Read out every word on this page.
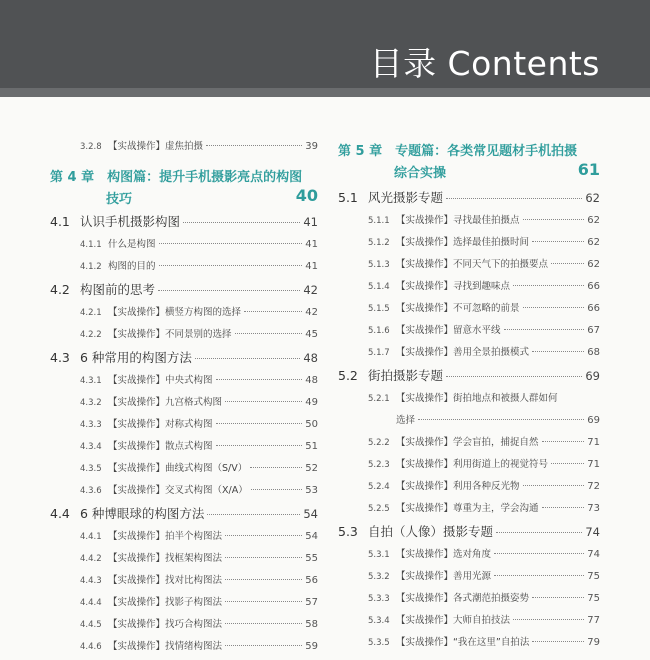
目录 Contents
3.2.8 【实战操作】虚焦拍摄	39
第 4 章　构图篇：提升手机摄影亮点的构图
技巧	40
4.1 认识手机摄影构图	41
4.1.1 什么是构图	41
4.1.2 构图的目的	41
4.2 构图前的思考	42
4.2.1 【实战操作】横竖方构图的选择	42
4.2.2 【实战操作】不同景别的选择	45
4.3 6 种常用的构图方法	48
4.3.1 【实战操作】中央式构图	48
4.3.2 【实战操作】九宫格式构图	49
4.3.3 【实战操作】对称式构图	50
4.3.4 【实战操作】散点式构图	51
4.3.5 【实战操作】曲线式构图（S/V）	52
4.3.6 【实战操作】交叉式构图（X/A）	53
4.4 6 种博眼球的构图方法	54
4.4.1 【实战操作】拍半个构图法	54
4.4.2 【实战操作】找框架构图法	55
4.4.3 【实战操作】找对比构图法	56
4.4.4 【实战操作】找影子构图法	57
4.4.5 【实战操作】找巧合构图法	58
4.4.6 【实战操作】找情绪构图法	59
第 5 章　专题篇：各类常见题材手机拍摄
综合实操	61
5.1 风光摄影专题	62
5.1.1 【实战操作】寻找最佳拍摄点	62
5.1.2 【实战操作】选择最佳拍摄时间	62
5.1.3 【实战操作】不同天气下的拍摄要点	62
5.1.4 【实战操作】寻找到趣味点	66
5.1.5 【实战操作】不可忽略的前景	66
5.1.6 【实战操作】留意水平线	67
5.1.7 【实战操作】善用全景拍摄模式	68
5.2 街拍摄影专题	69
5.2.1 【实战操作】街拍地点和被摄人群如何
选择	69
5.2.2 【实战操作】学会盲拍，捕捉自然	71
5.2.3 【实战操作】利用街道上的视觉符号	71
5.2.4 【实战操作】利用各种反光物	72
5.2.5 【实战操作】尊重为主，学会沟通	73
5.3 自拍（人像）摄影专题	74
5.3.1 【实战操作】选对角度	74
5.3.2 【实战操作】善用光源	75
5.3.3 【实战操作】各式潮范拍摄姿势	75
5.3.4 【实战操作】大师自拍技法	77
5.3.5 【实战操作】“我在这里”自拍法	79
